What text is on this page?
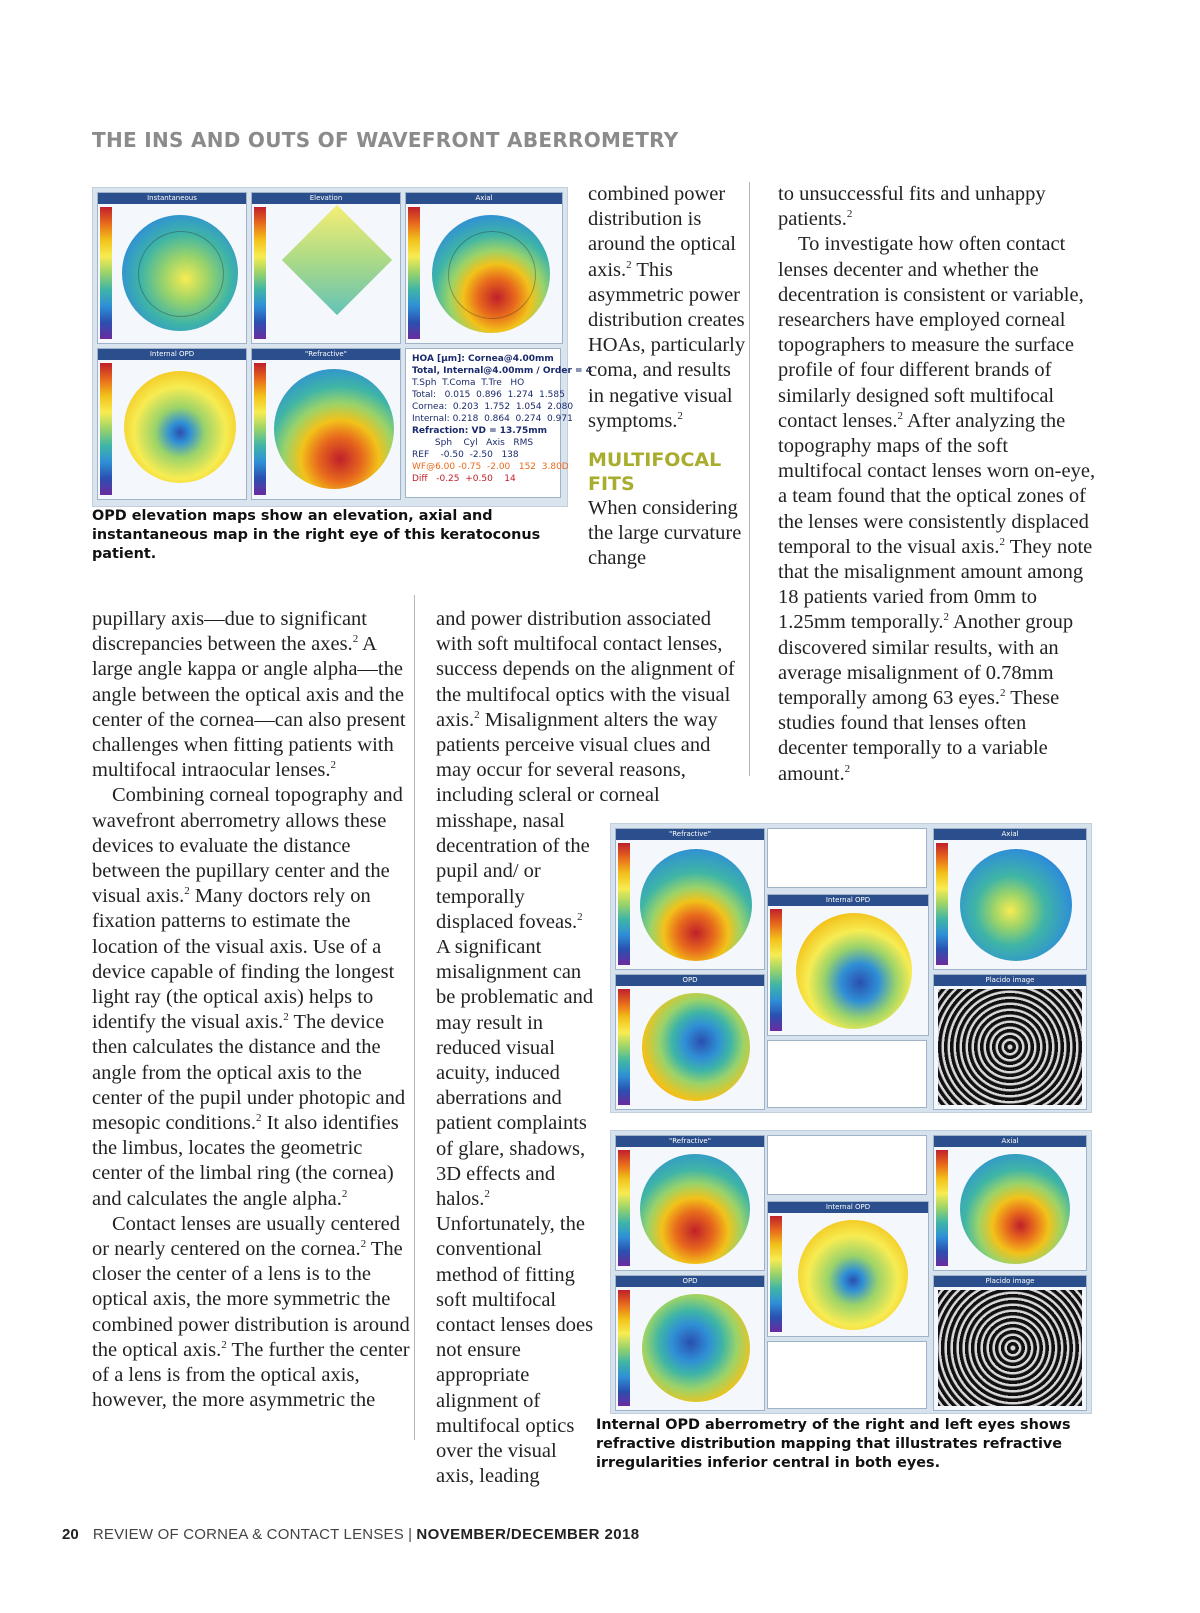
THE INS AND OUTS OF WAVEFRONT ABERROMETRY
Instantaneous	Elevation	Axial
Internal OPD	"Refractive"	HOA [µm]: Cornea@4.00mm
Total, Internal@4.00mm / Order = 4
T.Sph  T.Coma  T.Tre   HO
Total:   0.015  0.896  1.274  1.585
Cornea:  0.203  1.752  1.054  2.080
Internal: 0.218  0.864  0.274  0.971
Refraction: VD = 13.75mm
Sph    Cyl   Axis   RMS
REF    -0.50  -2.50   138
WF@6.00 -0.75  -2.00   152  3.80D
Diff   -0.25  +0.50    14

OPD elevation maps show an elevation, axial and instantaneous map in the right eye of this keratoconus patient.

combined power distribution is around the optical axis.$^2$ This asymmetric power distribution creates HOAs, particularly coma, and results in negative visual symptoms.$^2$

MULTIFOCAL FITS

When considering the large curvature change

pupillary axis—due to significant discrepancies between the axes.$^2$ A large angle kappa or angle alpha—the angle between the optical axis and the center of the cornea—can also present challenges when fitting patients with multifocal intraocular lenses.$^2$

Combining corneal topography and wavefront aberrometry allows these devices to evaluate the distance between the pupillary center and the visual axis.$^2$ Many doctors rely on fixation patterns to estimate the location of the visual axis. Use of a device capable of finding the longest light ray (the optical axis) helps to identify the visual axis.$^2$ The device then calculates the distance and the angle from the optical axis to the center of the pupil under photopic and mesopic conditions.$^2$ It also identifies the limbus, locates the geometric center of the limbal ring (the cornea) and calculates the angle alpha.$^2$

Contact lenses are usually centered or nearly centered on the cornea.$^2$ The closer the center of a lens is to the optical axis, the more symmetric the combined power distribution is around the optical axis.$^2$ The further the center of a lens is from the optical axis, however, the more asymmetric the

and power distribution associated with soft multifocal contact lenses, success depends on the alignment of the multifocal optics with the visual axis.$^2$ Misalignment alters the way patients perceive visual clues and may occur for several reasons, including scleral or corneal

misshape, nasal decentration of the pupil and/ or temporally displaced foveas.$^2$ A significant misalignment can be problematic and may result in reduced visual acuity, induced aberrations and patient complaints of glare, shadows, 3D effects and halos.$^2$ Unfortunately, the conventional method of fitting soft multifocal contact lenses does not ensure appropriate alignment of multifocal optics over the visual axis, leading

to unsuccessful fits and unhappy patients.$^2$

To investigate how often contact lenses decenter and whether the decentration is consistent or variable, researchers have employed corneal topographers to measure the surface profile of four different brands of similarly designed soft multifocal contact lenses.$^2$ After analyzing the topography maps of the soft multifocal contact lenses worn on-eye, a team found that the optical zones of the lenses were consistently displaced temporal to the visual axis.$^2$ They note that the misalignment amount among 18 patients varied from 0mm to 1.25mm temporally.$^2$ Another group discovered similar results, with an average misalignment of 0.78mm temporally among 63 eyes.$^2$ These studies found that lenses often decenter temporally to a variable amount.$^2$

"Refractive"	Axial
Internal OPD
OPD	Placido image
"Refractive"	Axial
Internal OPD
OPD	Placido image

Internal OPD aberrometry of the right and left eyes shows refractive distribution mapping that illustrates refractive irregularities inferior central in both eyes.

20 REVIEW OF CORNEA & CONTACT LENSES | NOVEMBER/DECEMBER 2018
